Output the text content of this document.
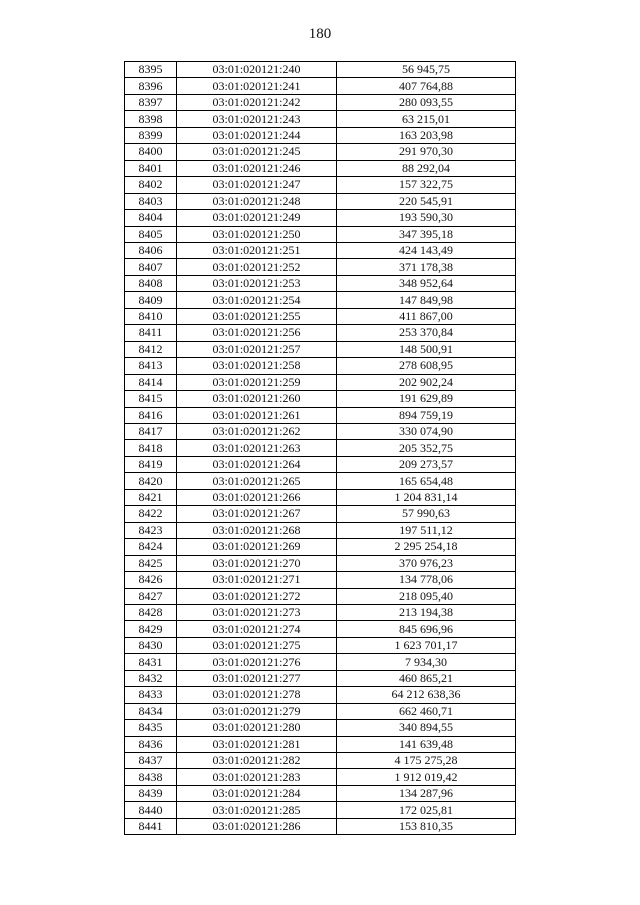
180
8395	03:01:020121:240	56 945,75
8396	03:01:020121:241	407 764,88
8397	03:01:020121:242	280 093,55
8398	03:01:020121:243	63 215,01
8399	03:01:020121:244	163 203,98
8400	03:01:020121:245	291 970,30
8401	03:01:020121:246	88 292,04
8402	03:01:020121:247	157 322,75
8403	03:01:020121:248	220 545,91
8404	03:01:020121:249	193 590,30
8405	03:01:020121:250	347 395,18
8406	03:01:020121:251	424 143,49
8407	03:01:020121:252	371 178,38
8408	03:01:020121:253	348 952,64
8409	03:01:020121:254	147 849,98
8410	03:01:020121:255	411 867,00
8411	03:01:020121:256	253 370,84
8412	03:01:020121:257	148 500,91
8413	03:01:020121:258	278 608,95
8414	03:01:020121:259	202 902,24
8415	03:01:020121:260	191 629,89
8416	03:01:020121:261	894 759,19
8417	03:01:020121:262	330 074,90
8418	03:01:020121:263	205 352,75
8419	03:01:020121:264	209 273,57
8420	03:01:020121:265	165 654,48
8421	03:01:020121:266	1 204 831,14
8422	03:01:020121:267	57 990,63
8423	03:01:020121:268	197 511,12
8424	03:01:020121:269	2 295 254,18
8425	03:01:020121:270	370 976,23
8426	03:01:020121:271	134 778,06
8427	03:01:020121:272	218 095,40
8428	03:01:020121:273	213 194,38
8429	03:01:020121:274	845 696,96
8430	03:01:020121:275	1 623 701,17
8431	03:01:020121:276	7 934,30
8432	03:01:020121:277	460 865,21
8433	03:01:020121:278	64 212 638,36
8434	03:01:020121:279	662 460,71
8435	03:01:020121:280	340 894,55
8436	03:01:020121:281	141 639,48
8437	03:01:020121:282	4 175 275,28
8438	03:01:020121:283	1 912 019,42
8439	03:01:020121:284	134 287,96
8440	03:01:020121:285	172 025,81
8441	03:01:020121:286	153 810,35
